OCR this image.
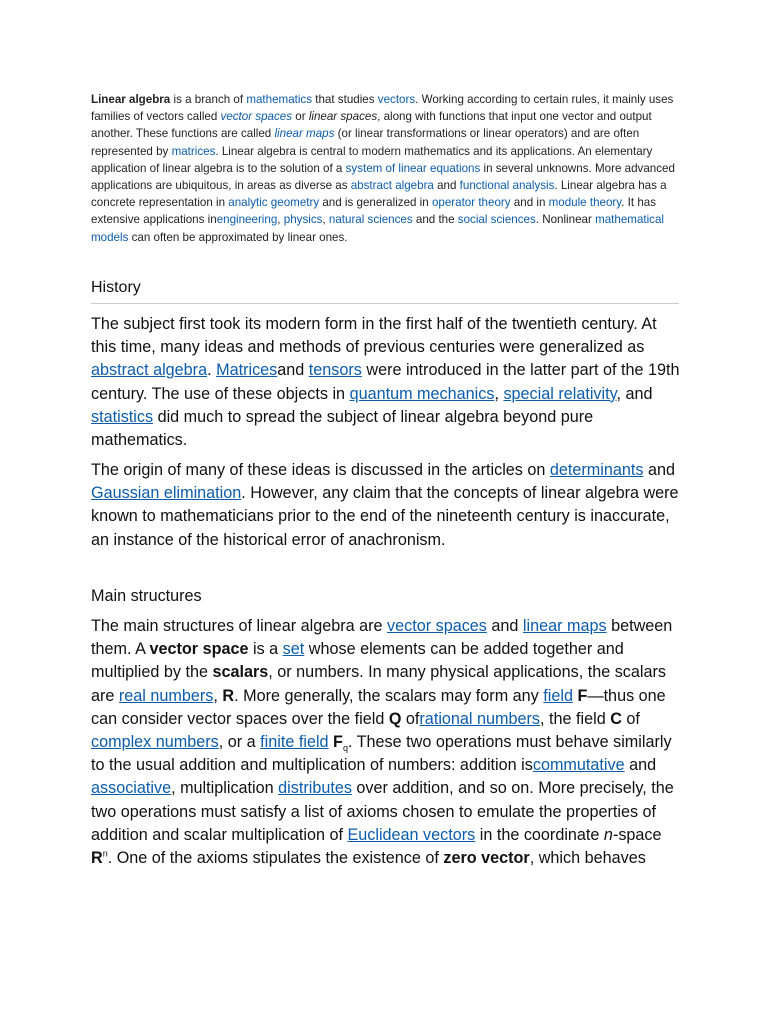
Linear algebra is a branch of mathematics that studies vectors. Working according to certain rules, it mainly uses families of vectors called vector spaces or linear spaces, along with functions that input one vector and output another. These functions are called linear maps (or linear transformations or linear operators) and are often represented by matrices. Linear algebra is central to modern mathematics and its applications. An elementary application of linear algebra is to the solution of a system of linear equations in several unknowns. More advanced applications are ubiquitous, in areas as diverse as abstract algebra and functional analysis. Linear algebra has a concrete representation in analytic geometry and is generalized in operator theory and in module theory. It has extensive applications inengineering, physics, natural sciences and the social sciences. Nonlinear mathematical models can often be approximated by linear ones.

History

The subject first took its modern form in the first half of the twentieth century. At this time, many ideas and methods of previous centuries were generalized as abstract algebra. Matricesand tensors were introduced in the latter part of the 19th century. The use of these objects in quantum mechanics, special relativity, and statistics did much to spread the subject of linear algebra beyond pure mathematics.

The origin of many of these ideas is discussed in the articles on determinants and Gaussian elimination. However, any claim that the concepts of linear algebra were known to mathematicians prior to the end of the nineteenth century is inaccurate, an instance of the historical error of anachronism.

Main structures

The main structures of linear algebra are vector spaces and linear maps between them. A vector space is a set whose elements can be added together and multiplied by the scalars, or numbers. In many physical applications, the scalars are real numbers, R. More generally, the scalars may form any field F—thus one can consider vector spaces over the field Q ofrational numbers, the field C of complex numbers, or a finite field $F_q$. These two operations must behave similarly to the usual addition and multiplication of numbers: addition iscommutative and associative, multiplication distributes over addition, and so on. More precisely, the two operations must satisfy a list of axioms chosen to emulate the properties of addition and scalar multiplication of Euclidean vectors in the coordinate n-space $R^n$. One of the axioms stipulates the existence of zero vector, which behaves
